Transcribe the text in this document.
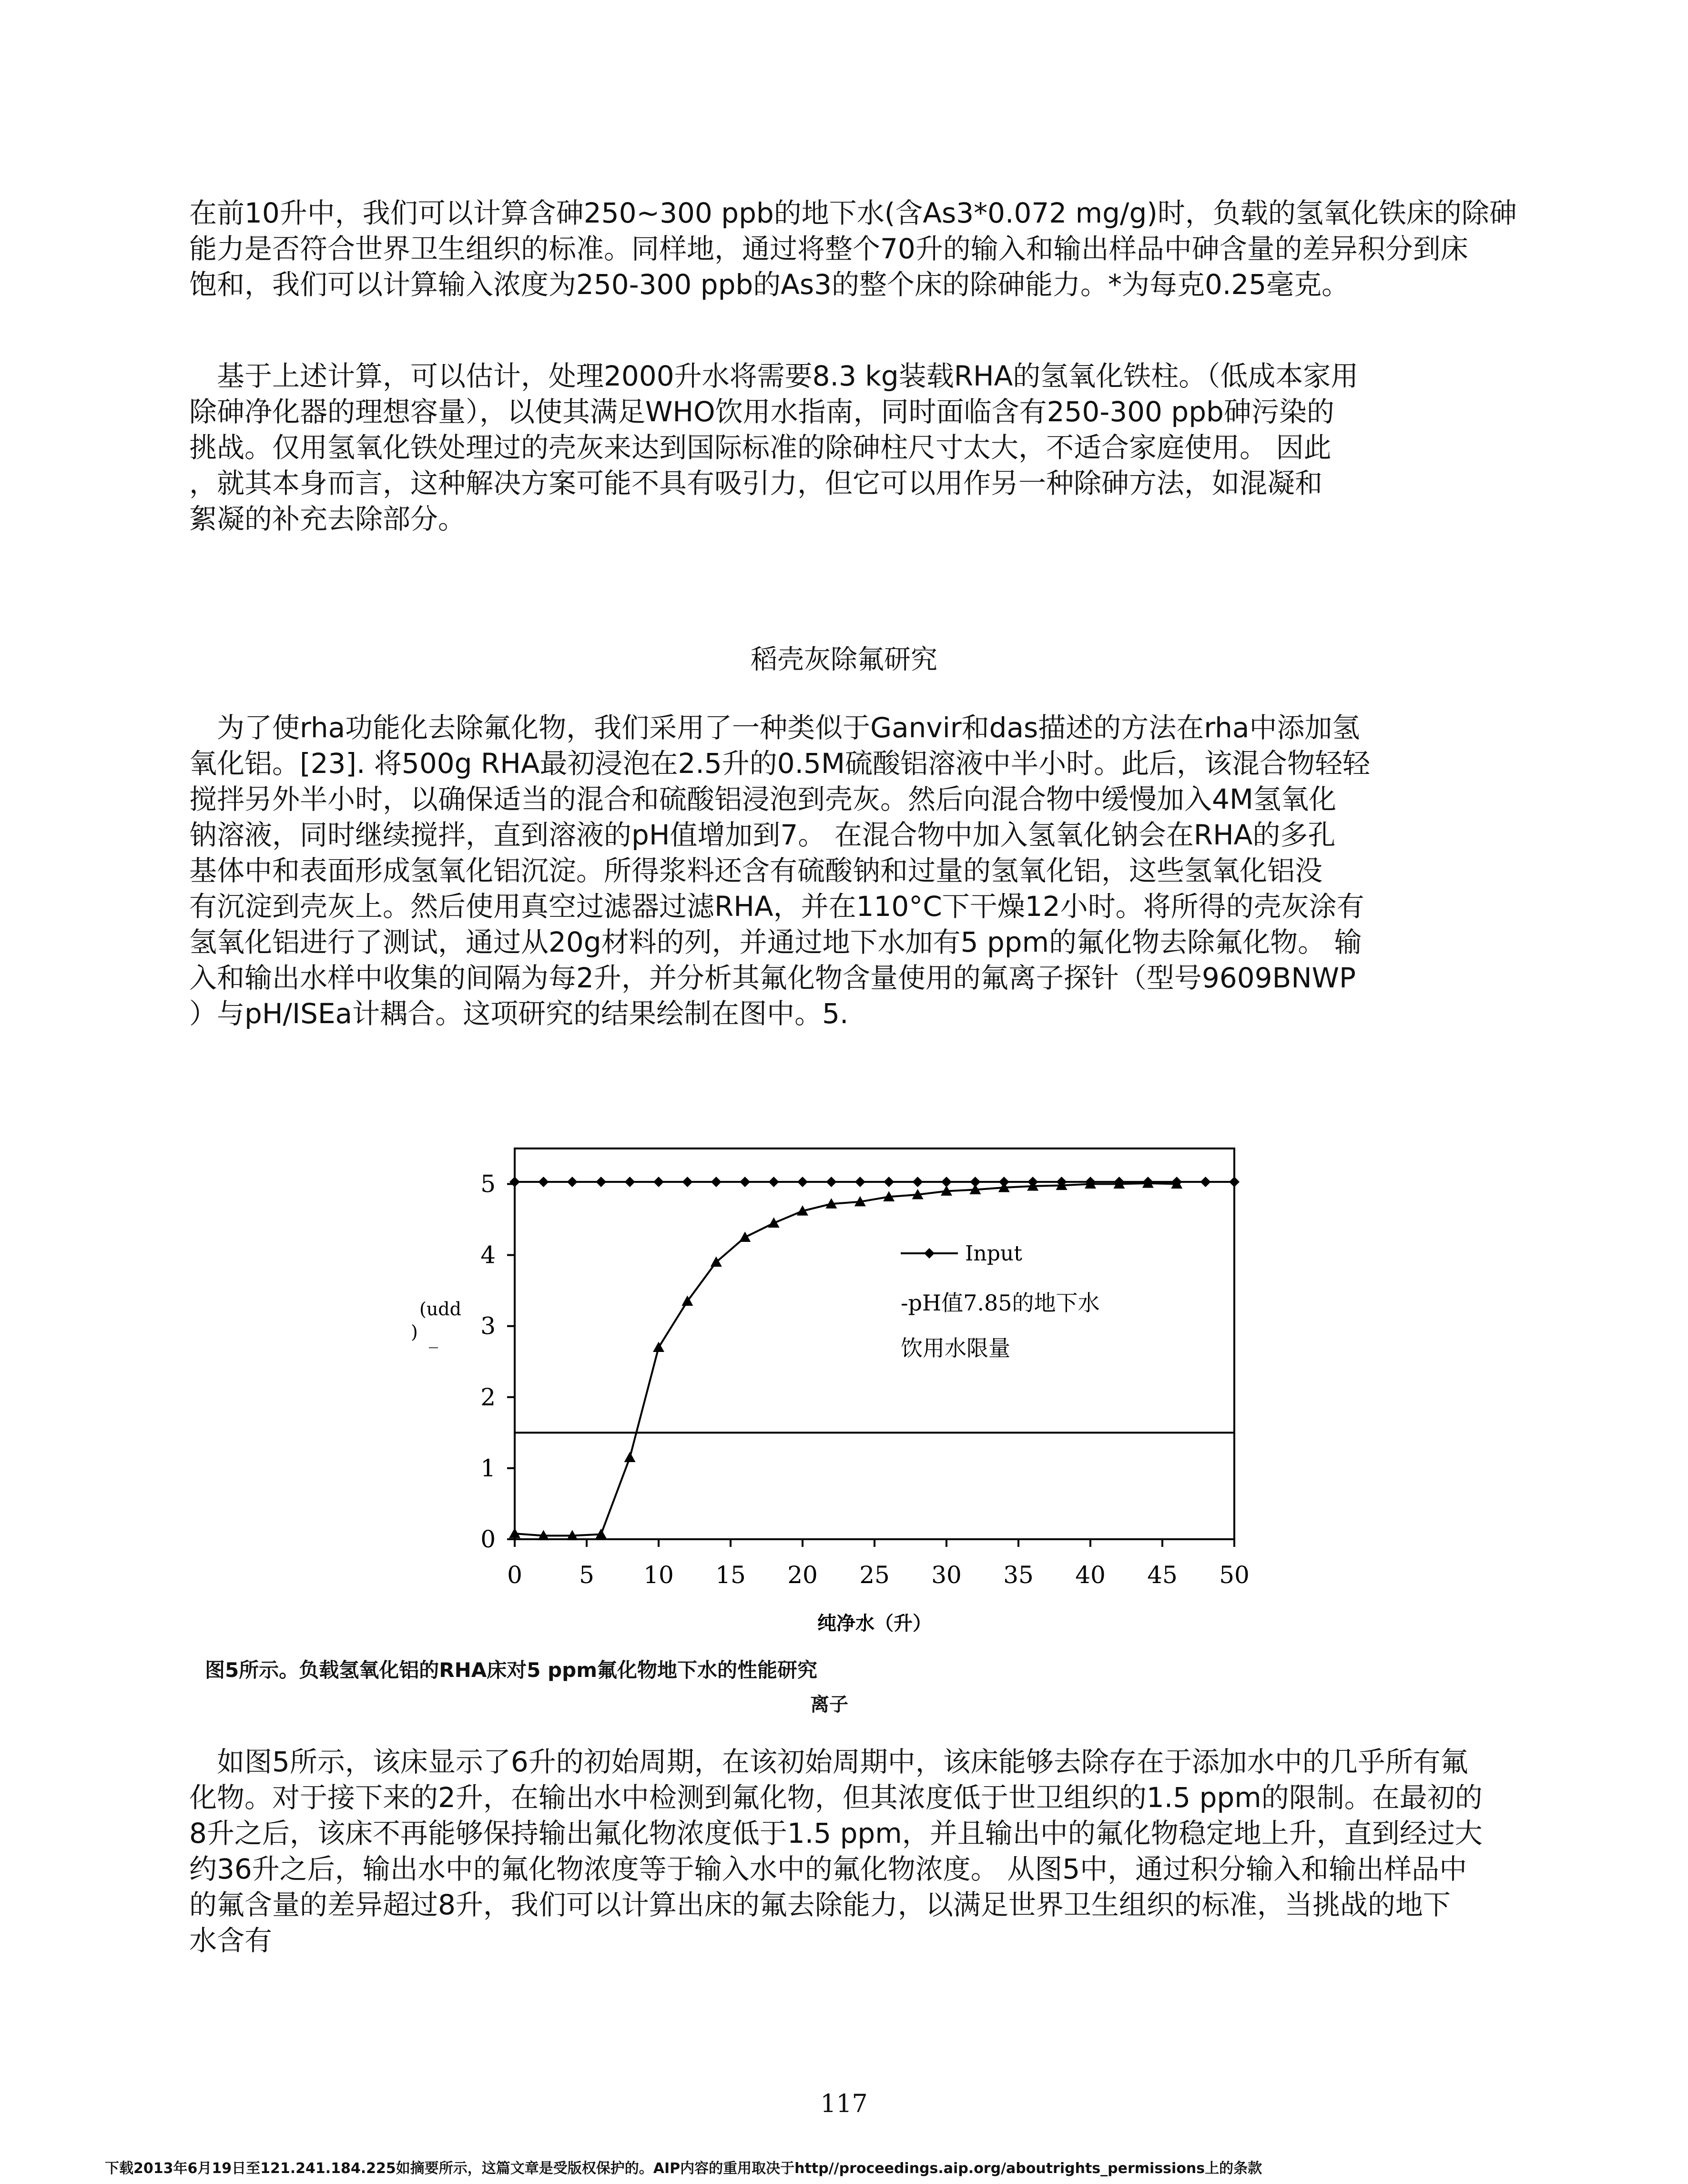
在前10升中，我们可以计算含砷250~300 ppb的地下水(含As3*0.072 mg/g)时，负载的氢氧化铁床的除砷
能力是否符合世界卫生组织的标准。同样地，通过将整个70升的输入和输出样品中砷含量的差异积分到床
饱和，我们可以计算输入浓度为250-300 ppb的As3的整个床的除砷能力。*为每克0.25毫克。
　基于上述计算，可以估计，处理2000升水将需要8.3 kg装载RHA的氢氧化铁柱。（低成本家用
除砷净化器的理想容量），以使其满足WHO饮用水指南，同时面临含有250-300 ppb砷污染的
挑战。仅用氢氧化铁处理过的壳灰来达到国际标准的除砷柱尺寸太大，不适合家庭使用。 因此
，就其本身而言，这种解决方案可能不具有吸引力，但它可以用作另一种除砷方法，如混凝和
絮凝的补充去除部分。
稻壳灰除氟研究
　为了使rha功能化去除氟化物，我们采用了一种类似于Ganvir和das描述的方法在rha中添加氢
氧化铝。[23]. 将500g RHA最初浸泡在2.5升的0.5M硫酸铝溶液中半小时。此后，该混合物轻轻
搅拌另外半小时，以确保适当的混合和硫酸铝浸泡到壳灰。然后向混合物中缓慢加入4M氢氧化
钠溶液，同时继续搅拌，直到溶液的pH值增加到7。 在混合物中加入氢氧化钠会在RHA的多孔
基体中和表面形成氢氧化铝沉淀。所得浆料还含有硫酸钠和过量的氢氧化铝，这些氢氧化铝没
有沉淀到壳灰上。然后使用真空过滤器过滤RHA，并在110°C下干燥12小时。将所得的壳灰涂有
氢氧化铝进行了测试，通过从20g材料的列，并通过地下水加有5 ppm的氟化物去除氟化物。 输
入和输出水样中收集的间隔为每2升，并分析其氟化物含量使用的氟离子探针（型号9609BNWP
）与pH/ISEa计耦合。这项研究的结果绘制在图中。5.
0
1
2
3
4
5
0 5 10 15 20 25 30 35 40 45 50
纯净水（升）
(udd
) _
Input
-pH值7.85的地下水
饮用水限量
图5所示。负载氢氧化铝的RHA床对5 ppm氟化物地下水的性能研究
离子
　如图5所示，该床显示了6升的初始周期，在该初始周期中，该床能够去除存在于添加水中的几乎所有氟
化物。对于接下来的2升，在输出水中检测到氟化物，但其浓度低于世卫组织的1.5 ppm的限制。在最初的
8升之后，该床不再能够保持输出氟化物浓度低于1.5 ppm，并且输出中的氟化物稳定地上升，直到经过大
约36升之后，输出水中的氟化物浓度等于输入水中的氟化物浓度。 从图5中，通过积分输入和输出样品中
的氟含量的差异超过8升，我们可以计算出床的氟去除能力，以满足世界卫生组织的标准，当挑战的地下
水含有
117
下载2013年6月19日至121.241.184.225如摘要所示，这篇文章是受版权保护的。AIP内容的重用取决于http//proceedings.aip.org/aboutrights_permissions上的条款
